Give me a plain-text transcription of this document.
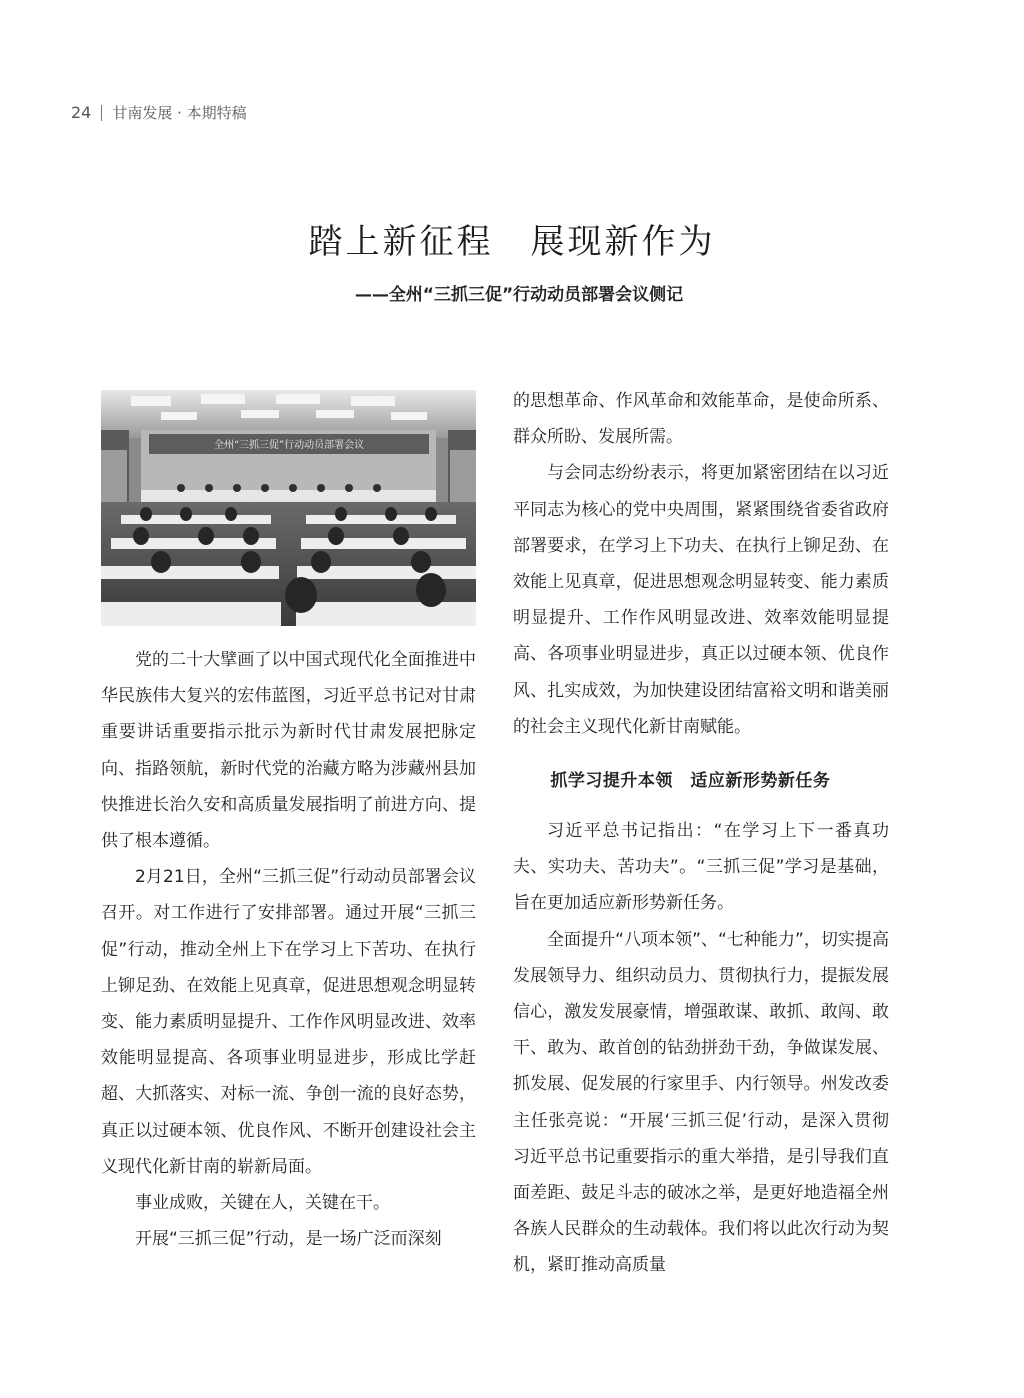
24 甘南发展 · 本期特稿
踏上新征程　展现新作为
——全州“三抓三促”行动动员部署会议侧记
全州“三抓三促”行动动员部署会议

党的二十大擘画了以中国式现代化全面推进中华民族伟大复兴的宏伟蓝图，习近平总书记对甘肃重要讲话重要指示批示为新时代甘肃发展把脉定向、指路领航，新时代党的治藏方略为涉藏州县加快推进长治久安和高质量发展指明了前进方向、提供了根本遵循。

2月21日，全州“三抓三促”行动动员部署会议召开。对工作进行了安排部署。通过开展“三抓三促”行动，推动全州上下在学习上下苦功、在执行上铆足劲、在效能上见真章，促进思想观念明显转变、能力素质明显提升、工作作风明显改进、效率效能明显提高、各项事业明显进步，形成比学赶超、大抓落实、对标一流、争创一流的良好态势，真正以过硬本领、优良作风、不断开创建设社会主义现代化新甘南的崭新局面。

事业成败，关键在人，关键在干。

开展“三抓三促”行动，是一场广泛而深刻

的思想革命、作风革命和效能革命，是使命所系、群众所盼、发展所需。

与会同志纷纷表示，将更加紧密团结在以习近平同志为核心的党中央周围，紧紧围绕省委省政府部署要求，在学习上下功夫、在执行上铆足劲、在效能上见真章，促进思想观念明显转变、能力素质明显提升、工作作风明显改进、效率效能明显提高、各项事业明显进步，真正以过硬本领、优良作风、扎实成效，为加快建设团结富裕文明和谐美丽的社会主义现代化新甘南赋能。

抓学习提升本领　适应新形势新任务

习近平总书记指出：“在学习上下一番真功夫、实功夫、苦功夫”。“三抓三促”学习是基础，旨在更加适应新形势新任务。

全面提升“八项本领”、“七种能力”，切实提高发展领导力、组织动员力、贯彻执行力，提振发展信心，激发发展豪情，增强敢谋、敢抓、敢闯、敢干、敢为、敢首创的钻劲拼劲干劲，争做谋发展、抓发展、促发展的行家里手、内行领导。州发改委主任张亮说：“开展‘三抓三促’行动，是深入贯彻习近平总书记重要指示的重大举措，是引导我们直面差距、鼓足斗志的破冰之举，是更好地造福全州各族人民群众的生动载体。我们将以此次行动为契机，紧盯推动高质量
